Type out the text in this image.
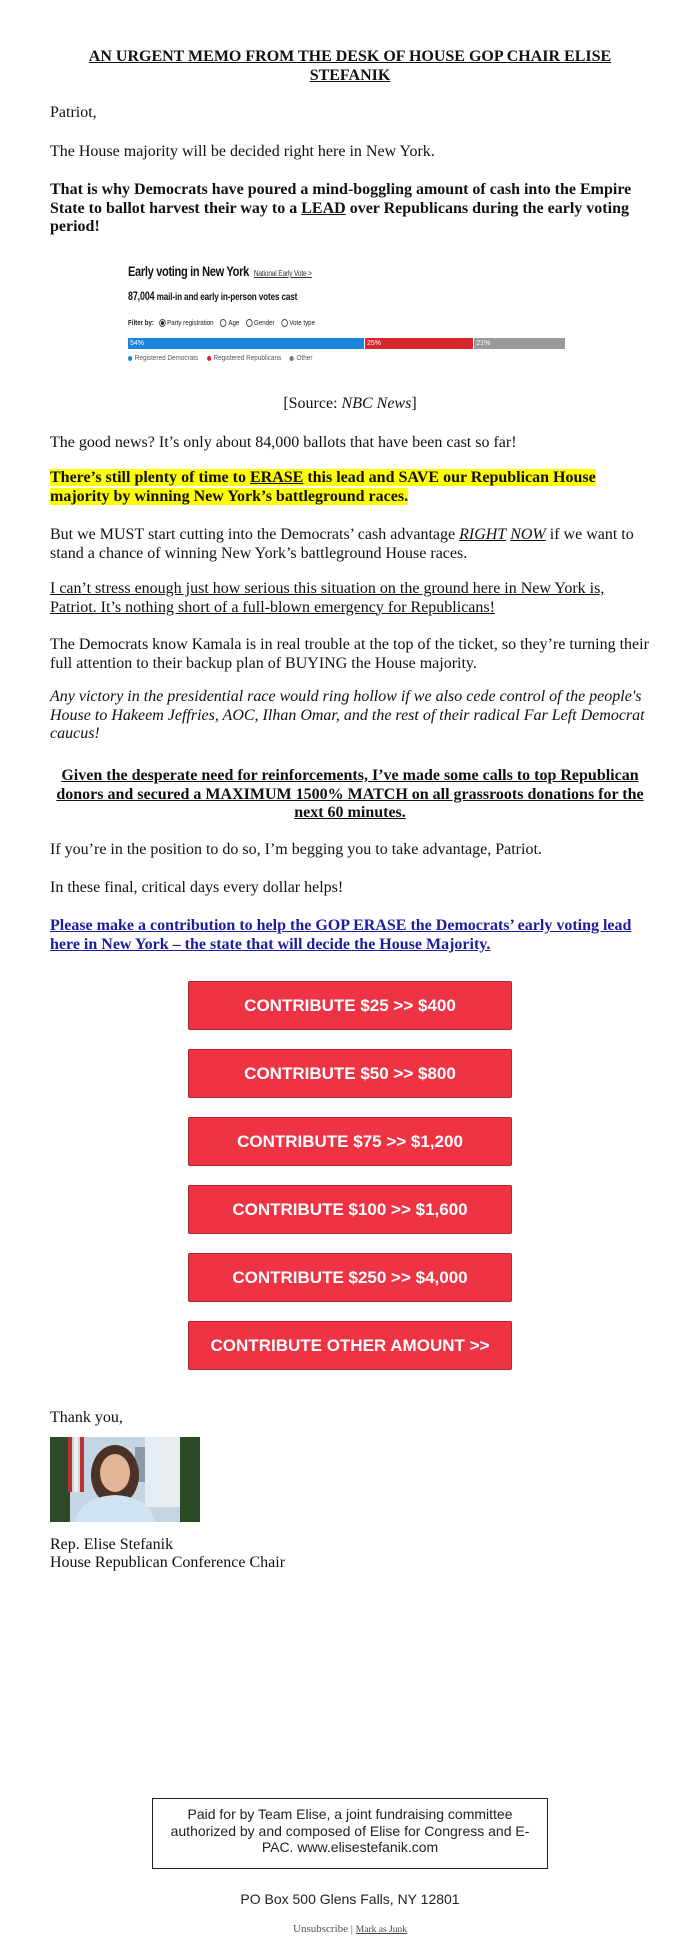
AN URGENT MEMO FROM THE DESK OF HOUSE GOP CHAIR ELISE STEFANIK

Patriot,

The House majority will be decided right here in New York.

That is why Democrats have poured a mind-boggling amount of cash into the Empire State to ballot harvest their way to a LEAD over Republicans during the early voting period!

Early voting in New York National Early Vote >
87,004 mail-in and early in-person votes cast
Filter by: Party registration Age Gender Vote type
54%	25%	21%
Registered Democrats	Registered Republicans	Other

[Source: NBC News]

The good news? It’s only about 84,000 ballots that have been cast so far!

There’s still plenty of time to ERASE this lead and SAVE our Republican House majority by winning New York’s battleground races.

But we MUST start cutting into the Democrats’ cash advantage RIGHT NOW if we want to stand a chance of winning New York’s battleground House races.

I can’t stress enough just how serious this situation on the ground here in New York is, Patriot. It’s nothing short of a full-blown emergency for Republicans!

The Democrats know Kamala is in real trouble at the top of the ticket, so they’re turning their full attention to their backup plan of BUYING the House majority.

Any victory in the presidential race would ring hollow if we also cede control of the people's House to Hakeem Jeffries, AOC, Ilhan Omar, and the rest of their radical Far Left Democrat caucus!

Given the desperate need for reinforcements, I’ve made some calls to top Republican donors and secured a MAXIMUM 1500% MATCH on all grassroots donations for the next 60 minutes.

If you’re in the position to do so, I’m begging you to take advantage, Patriot.

In these final, critical days every dollar helps!

Please make a contribution to help the GOP ERASE the Democrats’ early voting lead here in New York – the state that will decide the House Majority.

CONTRIBUTE $25 >> $400
CONTRIBUTE $50 >> $800
CONTRIBUTE $75 >> $1,200
CONTRIBUTE $100 >> $1,600
CONTRIBUTE $250 >> $4,000
CONTRIBUTE OTHER AMOUNT >>

Thank you,

Rep. Elise Stefanik

House Republican Conference Chair

Paid for by Team Elise, a joint fundraising committee authorized by and composed of Elise for Congress and E-PAC. www.elisestefanik.com
PO Box 500 Glens Falls, NY 12801
Unsubscribe | Mark as Junk
